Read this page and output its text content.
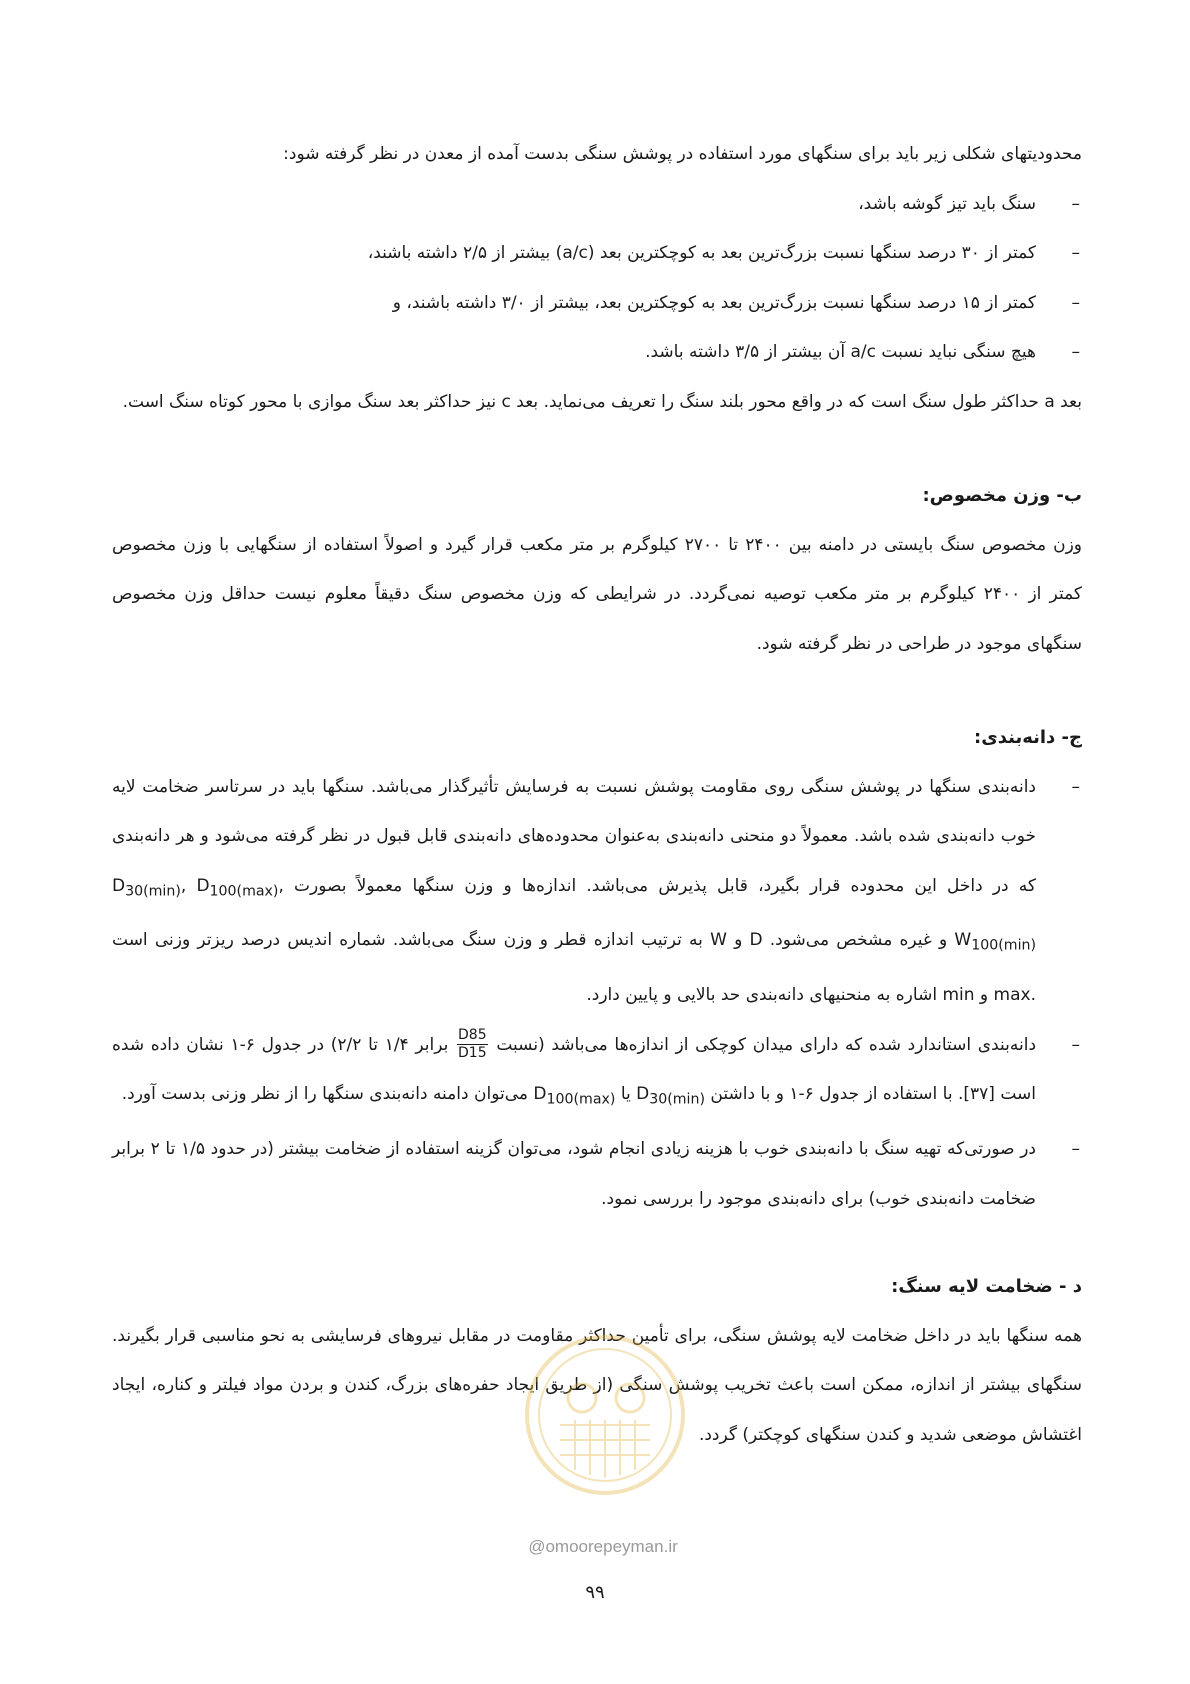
محدودیتهای شکلی زیر باید برای سنگهای مورد استفاده در پوشش سنگی بدست آمده از معدن در نظر گرفته شود:

– سنگ باید تیز گوشه باشد،
– کمتر از ۳۰ درصد سنگها نسبت بزرگ‌ترین بعد به کوچکترین بعد (a/c) بیشتر از ۲/۵ داشته باشند،
– کمتر از ۱۵ درصد سنگها نسبت بزرگ‌ترین بعد به کوچکترین بعد، بیشتر از ۳/۰ داشته باشند، و
– هیچ سنگی نباید نسبت a/c آن بیشتر از ۳/۵ داشته باشد.

بعد a حداکثر طول سنگ است که در واقع محور بلند سنگ را تعریف می‌نماید. بعد c نیز حداکثر بعد سنگ موازی با محور کوتاه سنگ است.

ب- وزن مخصوص:

وزن مخصوص سنگ بایستی در دامنه بین ۲۴۰۰ تا ۲۷۰۰ کیلوگرم بر متر مکعب قرار گیرد و اصولاً استفاده از سنگهایی با وزن مخصوص کمتر از ۲۴۰۰ کیلوگرم بر متر مکعب توصیه نمی‌گردد. در شرایطی که وزن مخصوص سنگ دقیقاً معلوم نیست حداقل وزن مخصوص سنگهای موجود در طراحی در نظر گرفته شود.

ج- دانه‌بندی:

– دانه‌بندی سنگها در پوشش سنگی روی مقاومت پوشش نسبت به فرسایش تأثیرگذار می‌باشد. سنگها باید در سرتاسر ضخامت لایه خوب دانه‌بندی شده باشد. معمولاً دو منحنی دانه‌بندی به‌عنوان محدوده‌های دانه‌بندی قابل قبول در نظر گرفته می‌شود و هر دانه‌بندی که در داخل این محدوده قرار بگیرد، قابل پذیرش می‌باشد. اندازه‌ها و وزن سنگها معمولاً بصورت $D_{30(min)}$, $D_{100(max)}$, $W_{100(min)}$ و غیره مشخص می‌شود. D و W به ترتیب اندازه قطر و وزن سنگ می‌باشد. شماره اندیس درصد ریزتر وزنی است .max و min اشاره به منحنیهای دانه‌بندی حد بالایی و پایین دارد.
– دانه‌بندی استاندارد شده که دارای میدان کوچکی از اندازه‌ها می‌باشد (نسبت
$\frac{D85}{D15}$
برابر ۱/۴ تا ۲/۲) در جدول ۶-۱ نشان داده شده است [۳۷]. با استفاده از جدول ۶-۱ و با داشتن $D_{30(min)}$ یا $D_{100(max)}$ می‌توان دامنه دانه‌بندی سنگها را از نظر وزنی بدست آورد.
– در صورتی‌که تهیه سنگ با دانه‌بندی خوب با هزینه زیادی انجام شود، می‌توان گزینه استفاده از ضخامت بیشتر (در حدود ۱/۵ تا ۲ برابر ضخامت دانه‌بندی خوب) برای دانه‌بندی موجود را بررسی نمود.

د - ضخامت لایه سنگ:

همه سنگها باید در داخل ضخامت لایه پوشش سنگی، برای تأمین حداکثر مقاومت در مقابل نیروهای فرسایشی به نحو مناسبی قرار بگیرند. سنگهای بیشتر از اندازه، ممکن است باعث تخریب پوشش سنگی (از طریق ایجاد حفره‌های بزرگ، کندن و بردن مواد فیلتر و کناره، ایجاد اغتشاش موضعی شدید و کندن سنگهای کوچکتر) گردد.

@omoorepeyman.ir
۹۹
